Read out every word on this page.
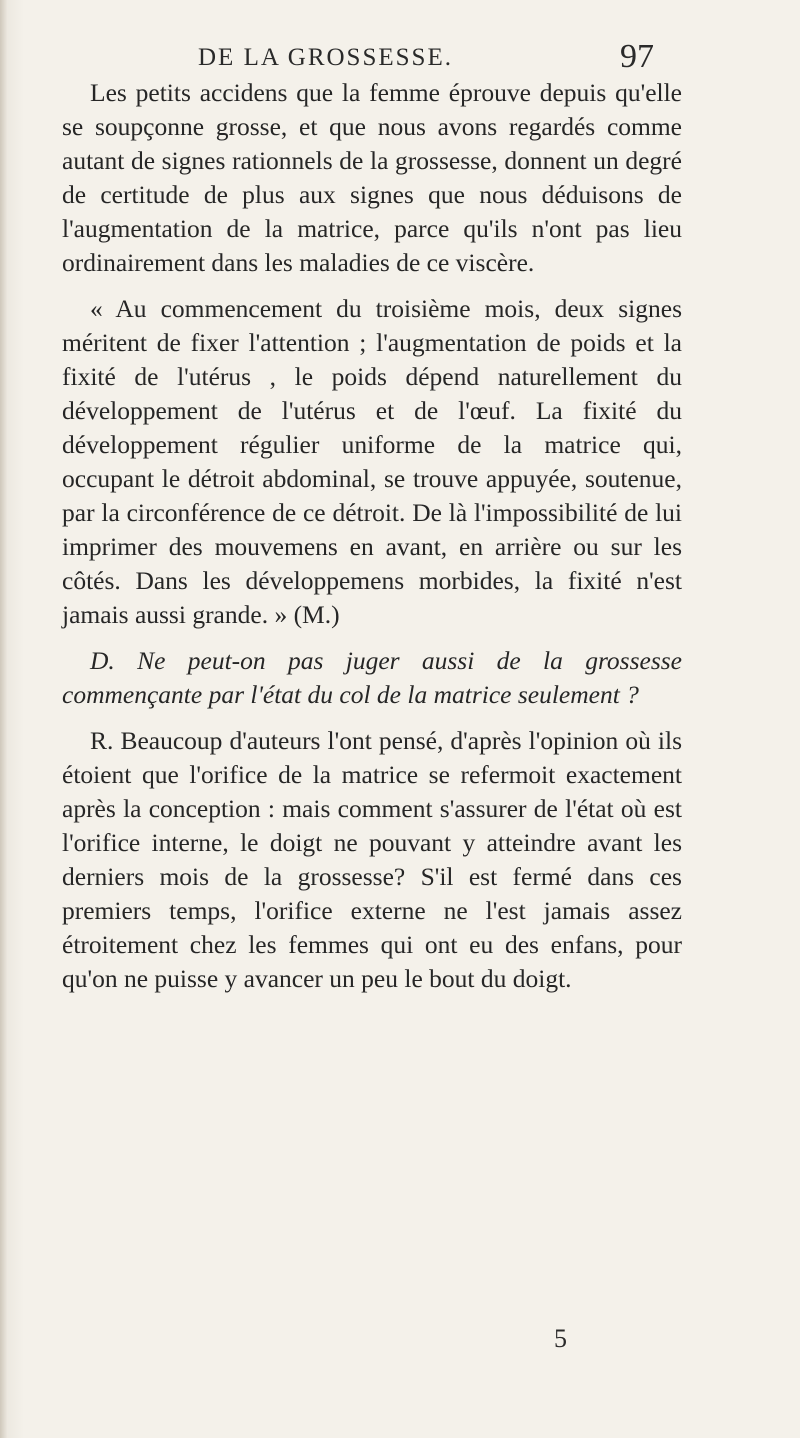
DE LA GROSSESSE.	97

Les petits accidens que la femme éprouve depuis qu'elle se soupçonne grosse, et que nous avons regardés comme autant de signes rationnels de la grossesse, donnent un degré de certitude de plus aux signes que nous déduisons de l'augmentation de la matrice, parce qu'ils n'ont pas lieu ordinairement dans les maladies de ce viscère.

« Au commencement du troisième mois, deux signes méritent de fixer l'attention ; l'augmentation de poids et la fixité de l'utérus , le poids dépend naturellement du développement de l'utérus et de l'œuf. La fixité du développement régulier uniforme de la matrice qui, occupant le détroit abdominal, se trouve appuyée, soutenue, par la circonférence de ce détroit. De là l'impossibilité de lui imprimer des mouvemens en avant, en arrière ou sur les côtés. Dans les développemens morbides, la fixité n'est jamais aussi grande. » (M.)

D. Ne peut-on pas juger aussi de la grossesse commençante par l'état du col de la matrice seulement ?

R. Beaucoup d'auteurs l'ont pensé, d'après l'opinion où ils étoient que l'orifice de la matrice se refermoit exactement après la conception : mais comment s'assurer de l'état où est l'orifice interne, le doigt ne pouvant y atteindre avant les derniers mois de la grossesse? S'il est fermé dans ces premiers temps, l'orifice externe ne l'est jamais assez étroitement chez les femmes qui ont eu des enfans, pour qu'on ne puisse y avancer un peu le bout du doigt.

5
